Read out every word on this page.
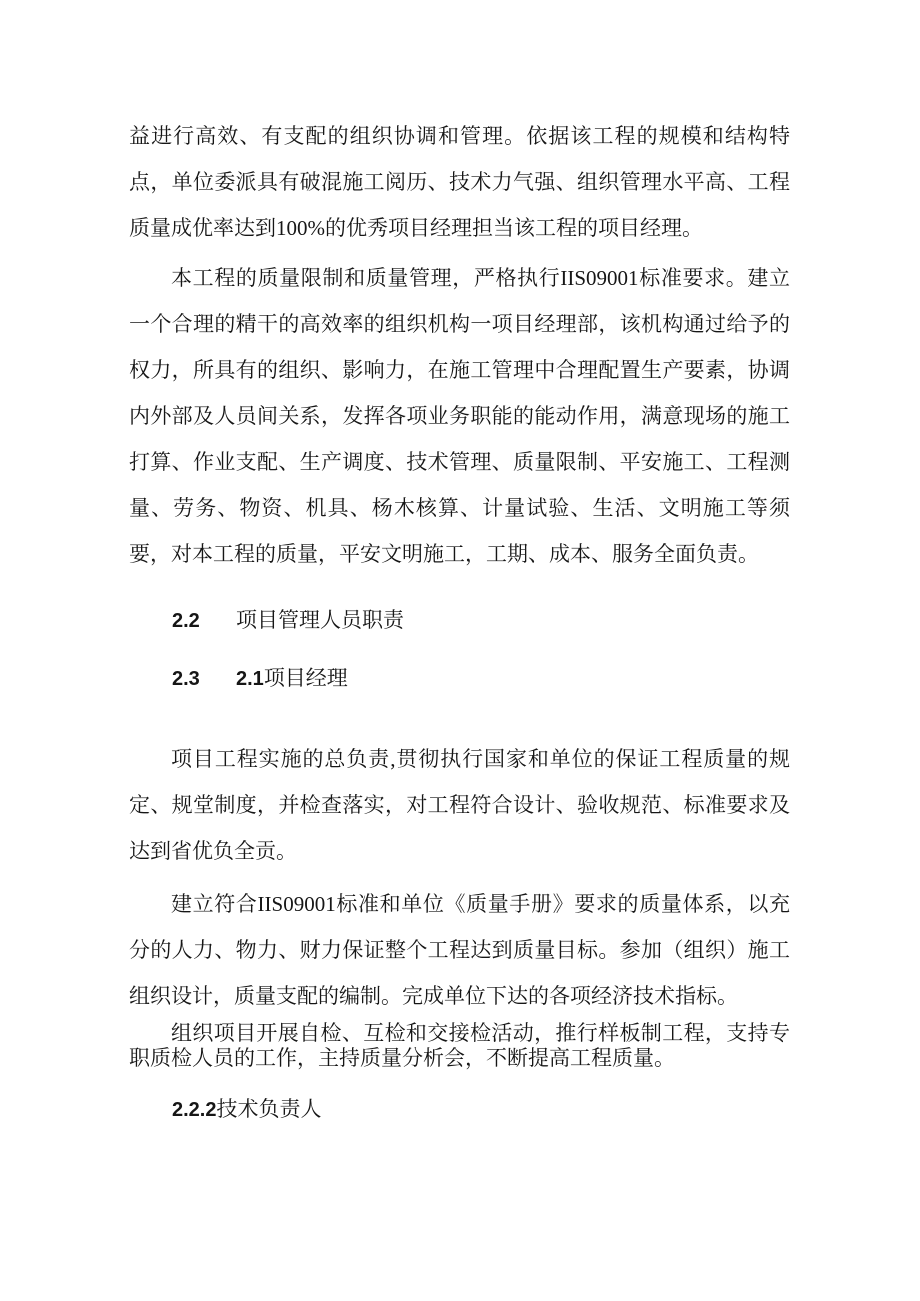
益进行高效、有支配的组织协调和管理。依据该工程的规模和结构特点，单位委派具有破混施工阅历、技术力气强、组织管理水平高、工程质量成优率达到100%的优秀项目经理担当该工程的项目经理。

本工程的质量限制和质量管理，严格执行IIS09001标准要求。建立一个合理的精干的高效率的组织机构一项目经理部，该机构通过给予的权力，所具有的组织、影响力，在施工管理中合理配置生产要素，协调内外部及人员间关系，发挥各项业务职能的能动作用，满意现场的施工打算、作业支配、生产调度、技术管理、质量限制、平安施工、工程测量、劳务、物资、机具、杨木核算、计量试验、生活、文明施工等须要，对本工程的质量，平安文明施工，工期、成本、服务全面负责。

2.2 项目管理人员职责

2.3 2.1项目经理

项目工程实施的总负责,贯彻执行国家和单位的保证工程质量的规定、规堂制度，并检查落实，对工程符合设计、验收规范、标准要求及达到省优负全贡。

建立符合IIS09001标准和单位《质量手册》要求的质量体系，以充分的人力、物力、财力保证整个工程达到质量目标。参加（组织）施工组织设计，质量支配的编制。完成单位下达的各项经济技术指标。

组织项目开展自检、互检和交接检活动，推行样板制工程，支持专职质检人员的工作，主持质量分析会，不断提高工程质量。

2.2.2技术负责人
